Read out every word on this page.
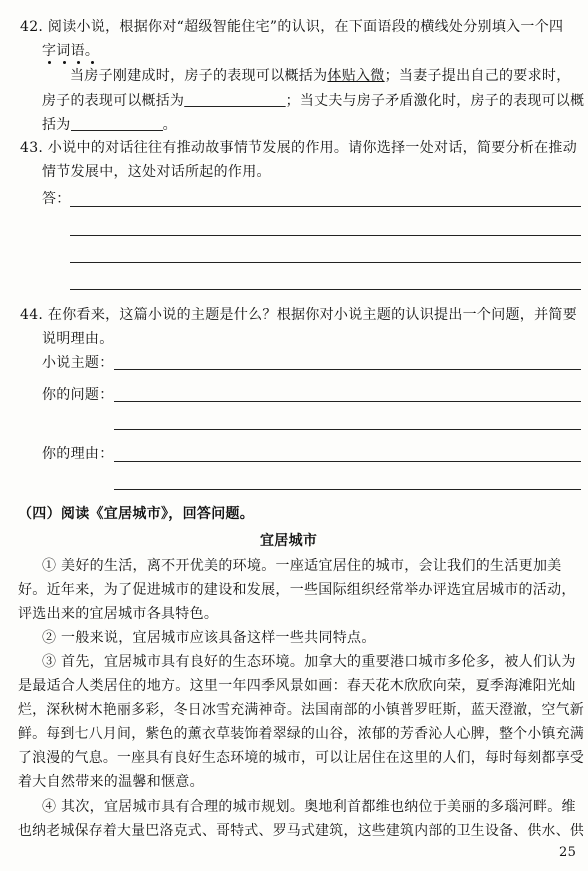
42. 阅读小说，根据你对“超级智能住宅”的认识，在下面语段的横线处分别填入一个四
字词语。
当房子刚建成时，房子的表现可以概括为体贴入微；当妻子提出自己的要求时，
房子的表现可以概括为	；当丈夫与房子矛盾激化时，房子的表现可以概
括为	。
43. 小说中的对话往往有推动故事情节发展的作用。请你选择一处对话，简要分析在推动
情节发展中，这处对话所起的作用。
答：
44. 在你看来，这篇小说的主题是什么？根据你对小说主题的认识提出一个问题，并简要
说明理由。
小说主题：
你的问题：
你的理由：
（四）阅读《宜居城市》，回答问题。
宜居城市
① 美好的生活，离不开优美的环境。一座适宜居住的城市，会让我们的生活更加美
好。近年来，为了促进城市的建设和发展，一些国际组织经常举办评选宜居城市的活动，
评选出来的宜居城市各具特色。
② 一般来说，宜居城市应该具备这样一些共同特点。
③ 首先，宜居城市具有良好的生态环境。加拿大的重要港口城市多伦多，被人们认为
是最适合人类居住的地方。这里一年四季风景如画：春天花木欣欣向荣，夏季海滩阳光灿
烂，深秋树木艳丽多彩，冬日冰雪充满神奇。法国南部的小镇普罗旺斯，蓝天澄澈，空气新
鲜。每到七八月间，紫色的薰衣草装饰着翠绿的山谷，浓郁的芳香沁人心脾，整个小镇充满
了浪漫的气息。一座具有良好生态环境的城市，可以让居住在这里的人们，每时每刻都享受
着大自然带来的温馨和惬意。
④ 其次，宜居城市具有合理的城市规划。奥地利首都维也纳位于美丽的多瑙河畔。维
也纳老城保存着大量巴洛克式、哥特式、罗马式建筑，这些建筑内部的卫生设备、供水、供
25
